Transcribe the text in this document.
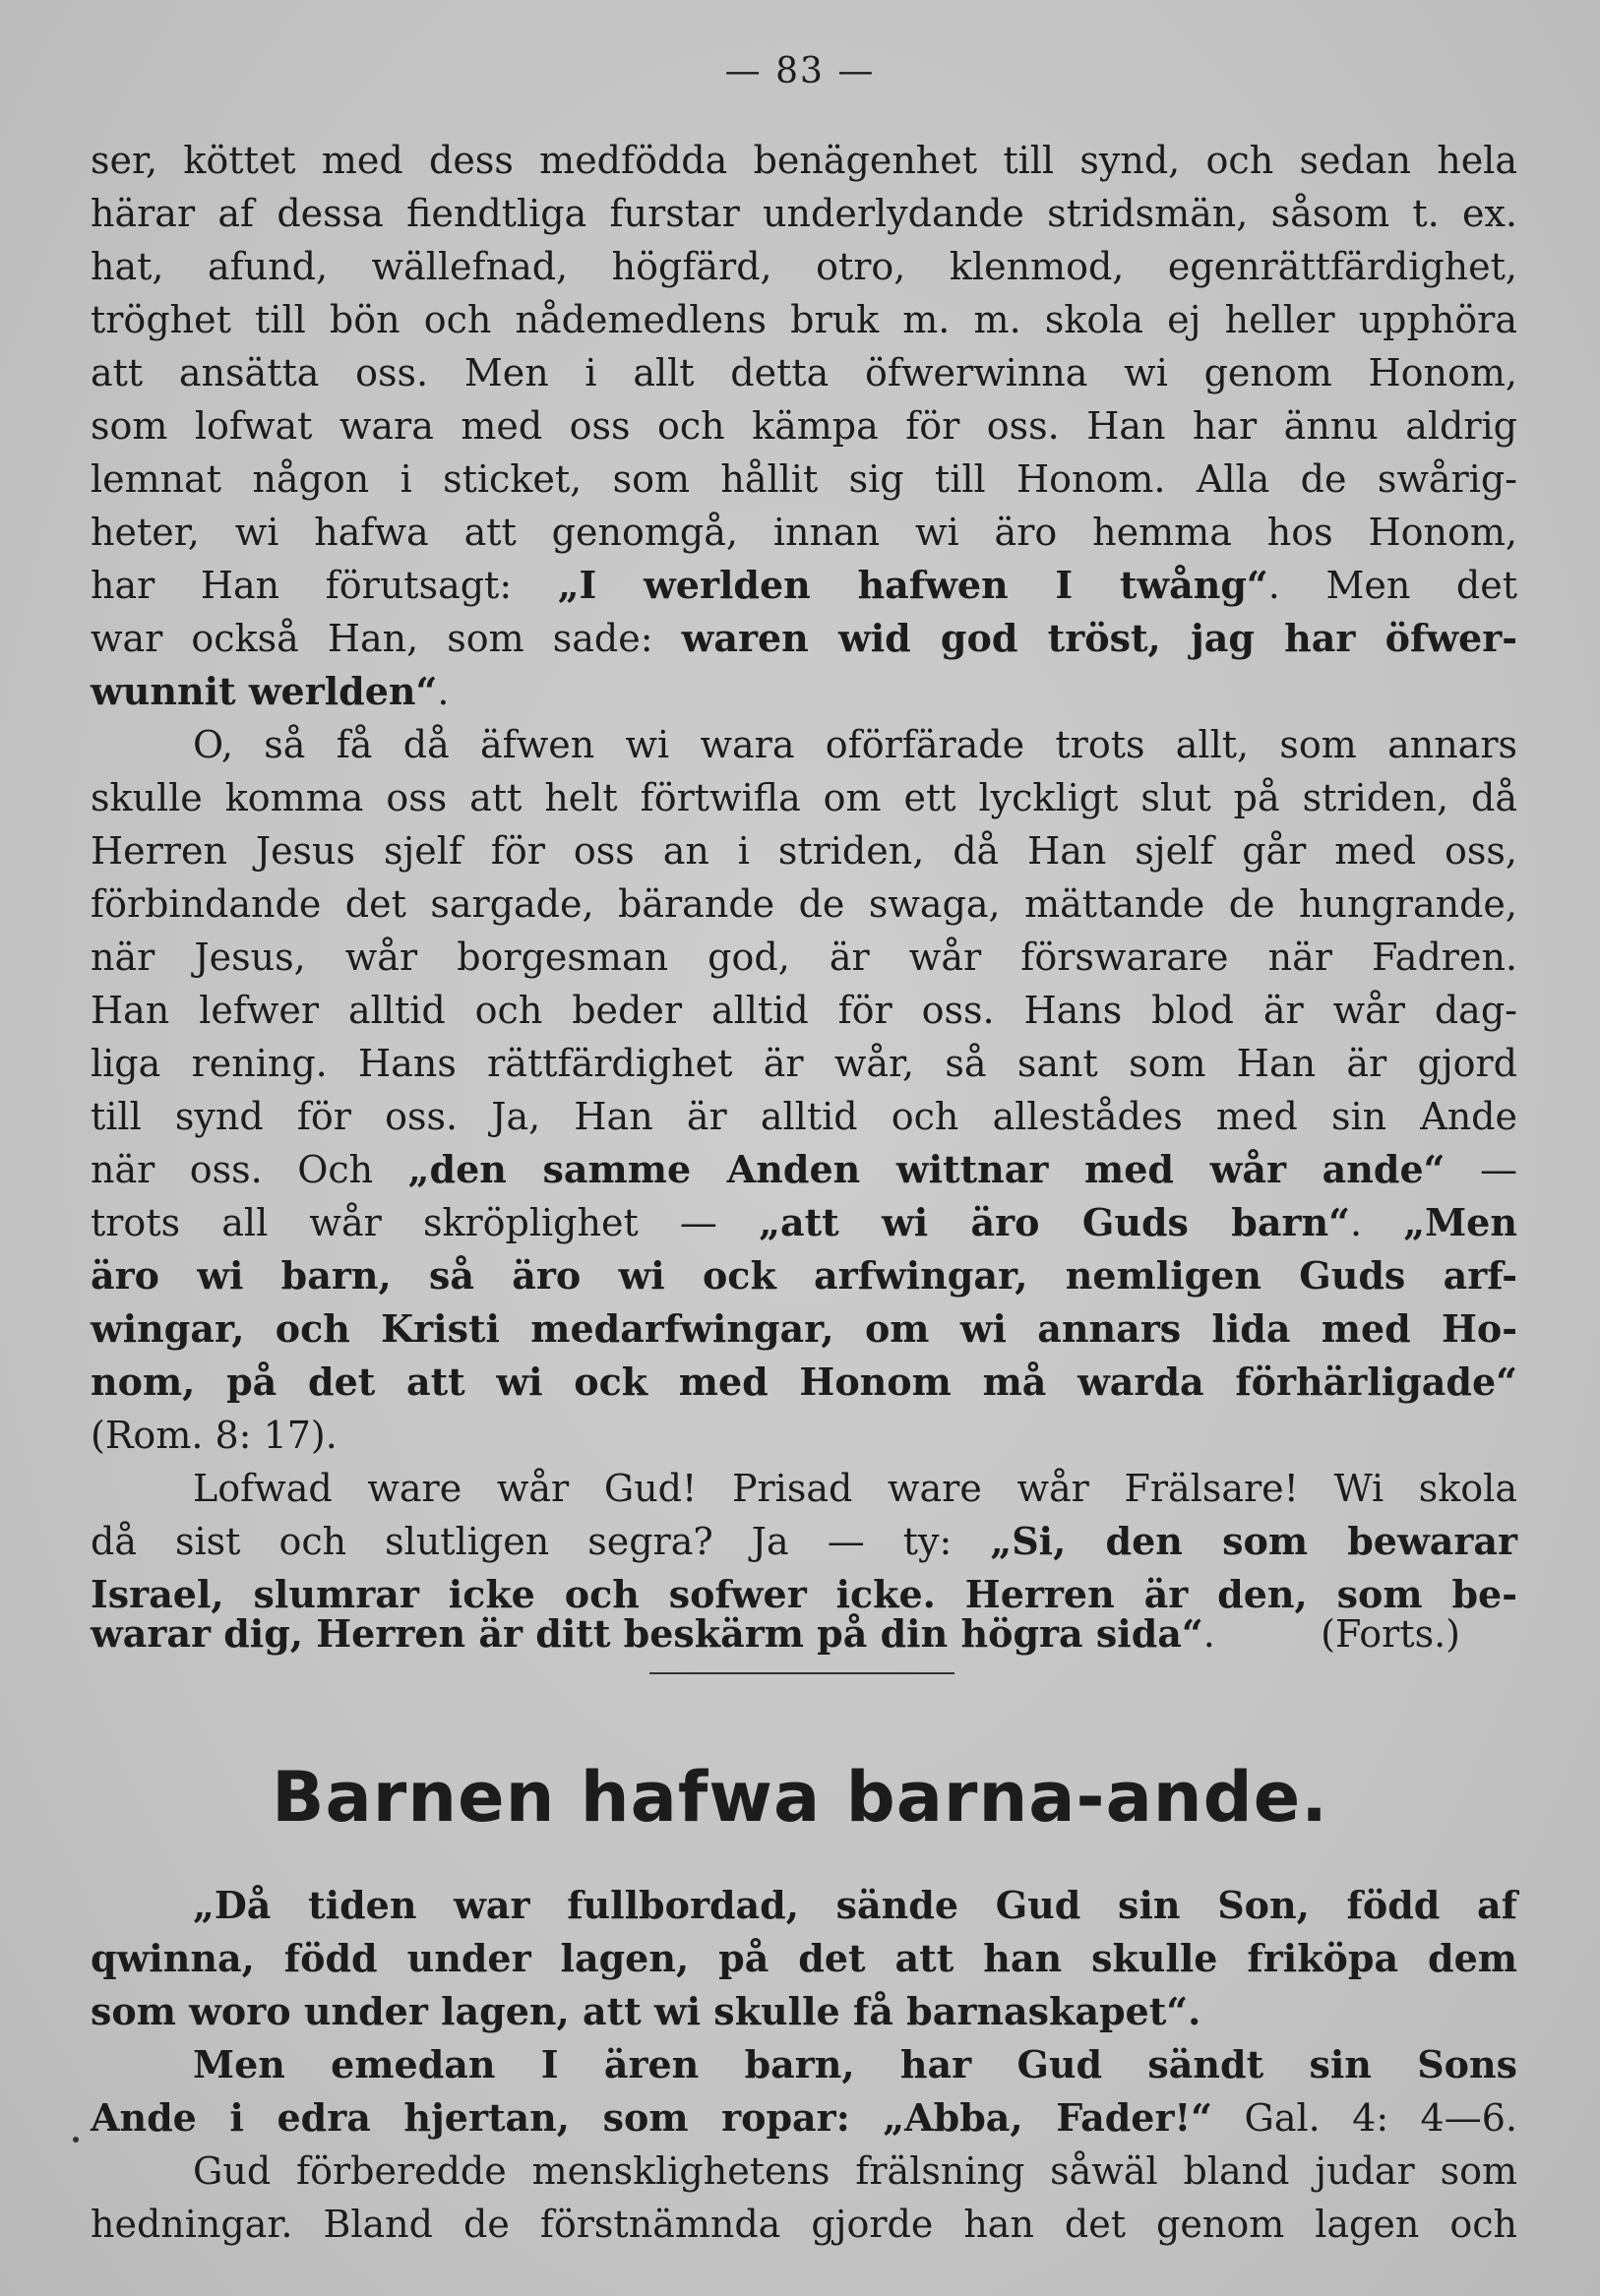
— 83 —
ser, köttet med dess medfödda benägenhet till synd, och sedan hela
härar af dessa fiendtliga furstar underlydande stridsmän, såsom t. ex.
hat, afund, wällefnad, högfärd, otro, klenmod, egenrättfärdighet,
tröghet till bön och nådemedlens bruk m. m. skola ej heller upphöra
att ansätta oss. Men i allt detta öfwerwinna wi genom Honom,
som lofwat wara med oss och kämpa för oss. Han har ännu aldrig
lemnat någon i sticket, som hållit sig till Honom. Alla de swårig-
heter, wi hafwa att genomgå, innan wi äro hemma hos Honom,
har Han förutsagt: „I werlden hafwen I twång“. Men det
war också Han, som sade: waren wid god tröst, jag har öfwer-
wunnit werlden“.
O, så få då äfwen wi wara oförfärade trots allt, som annars
skulle komma oss att helt förtwifla om ett lyckligt slut på striden, då
Herren Jesus sjelf för oss an i striden, då Han sjelf går med oss,
förbindande det sargade, bärande de swaga, mättande de hungrande,
när Jesus, wår borgesman god, är wår förswarare när Fadren.
Han lefwer alltid och beder alltid för oss. Hans blod är wår dag-
liga rening. Hans rättfärdighet är wår, så sant som Han är gjord
till synd för oss. Ja, Han är alltid och allestådes med sin Ande
när oss. Och „den samme Anden wittnar med wår ande“ —
trots all wår skröplighet — „att wi äro Guds barn“. „Men
äro wi barn, så äro wi ock arfwingar, nemligen Guds arf-
wingar, och Kristi medarfwingar, om wi annars lida med Ho-
nom, på det att wi ock med Honom må warda förhärligade“
(Rom. 8: 17).
Lofwad ware wår Gud! Prisad ware wår Frälsare! Wi skola
då sist och slutligen segra? Ja — ty: „Si, den som bewarar
Israel, slumrar icke och sofwer icke. Herren är den, som be-
warar dig, Herren är ditt beskärm på din högra sida“.	(Forts.)
Barnen hafwa barna-ande.
„Då tiden war fullbordad, sände Gud sin Son, född af
qwinna, född under lagen, på det att han skulle friköpa dem
som woro under lagen, att wi skulle få barnaskapet“.
Men emedan I ären barn, har Gud sändt sin Sons
Ande i edra hjertan, som ropar: „Abba, Fader!“ Gal. 4: 4—6.
Gud förberedde mensklighetens frälsning såwäl bland judar som
hedningar. Bland de förstnämnda gjorde han det genom lagen och
